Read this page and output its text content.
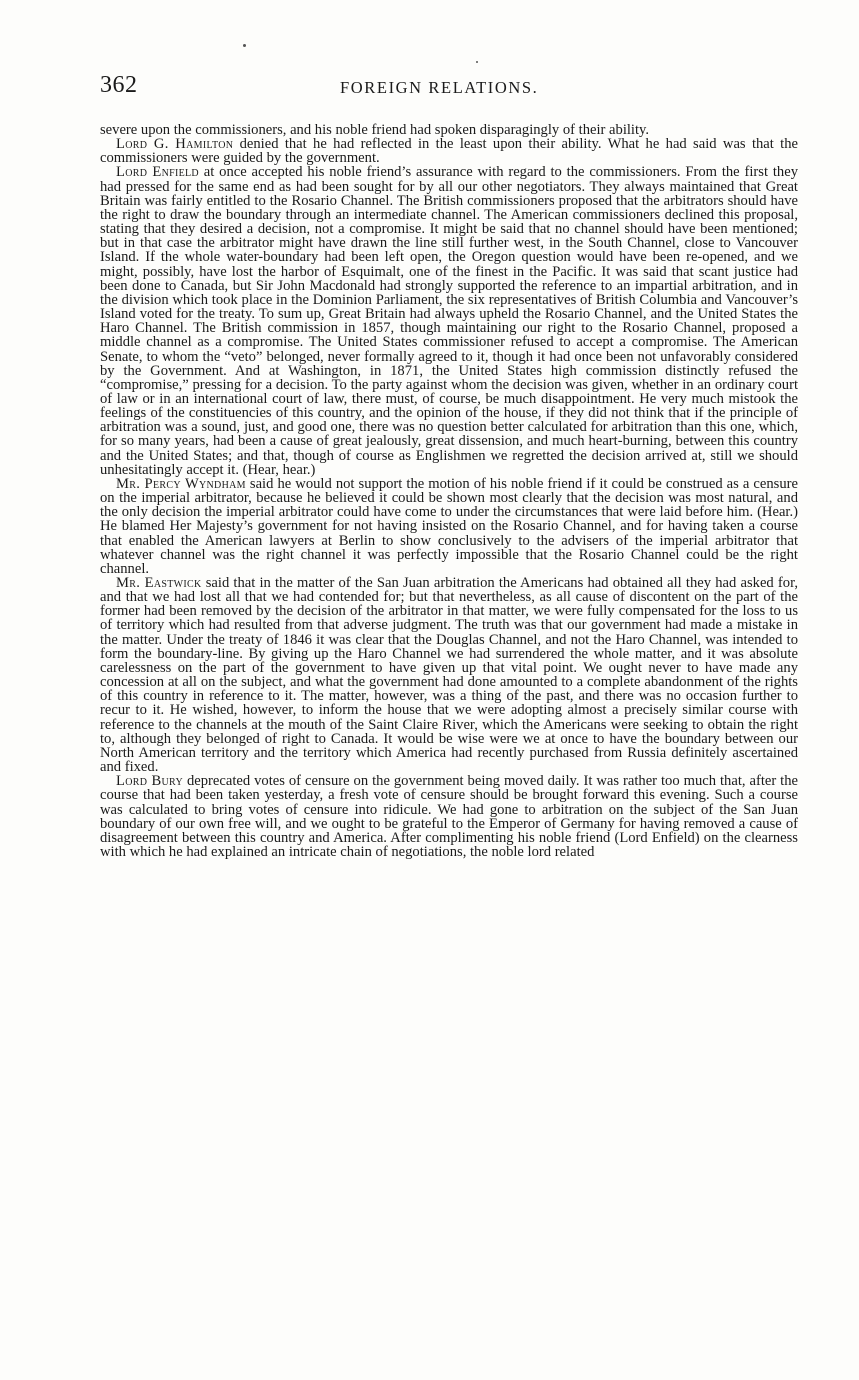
362	FOREIGN RELATIONS.

severe upon the commissioners, and his noble friend had spoken disparagingly of their ability.

Lord G. Hamilton denied that he had reflected in the least upon their ability. What he had said was that the commissioners were guided by the government.

Lord Enfield at once accepted his noble friend’s assurance with regard to the commissioners. From the first they had pressed for the same end as had been sought for by all our other negotiators. They always maintained that Great Britain was fairly entitled to the Rosario Channel. The British commissioners proposed that the arbitrators should have the right to draw the boundary through an intermediate channel. The American commissioners declined this proposal, stating that they desired a decision, not a compromise. It might be said that no channel should have been mentioned; but in that case the arbitrator might have drawn the line still further west, in the South Channel, close to Vancouver Island. If the whole water-boundary had been left open, the Oregon question would have been re-opened, and we might, possibly, have lost the harbor of Esquimalt, one of the finest in the Pacific. It was said that scant justice had been done to Canada, but Sir John Macdonald had strongly supported the reference to an impartial arbitration, and in the division which took place in the Dominion Parliament, the six representatives of British Columbia and Vancouver’s Island voted for the treaty. To sum up, Great Britain had always upheld the Rosario Channel, and the United States the Haro Channel. The British commission in 1857, though maintaining our right to the Rosario Channel, proposed a middle channel as a compromise. The United States commissioner refused to accept a compromise. The American Senate, to whom the “veto” belonged, never formally agreed to it, though it had once been not unfavorably considered by the Government. And at Washington, in 1871, the United States high commission distinctly refused the “compromise,” pressing for a decision. To the party against whom the decision was given, whether in an ordinary court of law or in an international court of law, there must, of course, be much disappointment. He very much mistook the feelings of the constituencies of this country, and the opinion of the house, if they did not think that if the principle of arbitration was a sound, just, and good one, there was no question better calculated for arbitration than this one, which, for so many years, had been a cause of great jealously, great dissension, and much heart-burning, between this country and the United States; and that, though of course as Englishmen we regretted the decision arrived at, still we should unhesitatingly accept it. (Hear, hear.)

Mr. Percy Wyndham said he would not support the motion of his noble friend if it could be construed as a censure on the imperial arbitrator, because he believed it could be shown most clearly that the decision was most natural, and the only decision the imperial arbitrator could have come to under the circumstances that were laid before him. (Hear.) He blamed Her Majesty’s government for not having insisted on the Rosario Channel, and for having taken a course that enabled the American lawyers at Berlin to show conclusively to the advisers of the imperial arbitrator that whatever channel was the right channel it was perfectly impossible that the Rosario Channel could be the right channel.

Mr. Eastwick said that in the matter of the San Juan arbitration the Americans had obtained all they had asked for, and that we had lost all that we had contended for; but that nevertheless, as all cause of discontent on the part of the former had been removed by the decision of the arbitrator in that matter, we were fully compensated for the loss to us of territory which had resulted from that adverse judgment. The truth was that our government had made a mistake in the matter. Under the treaty of 1846 it was clear that the Douglas Channel, and not the Haro Channel, was intended to form the boundary-line. By giving up the Haro Channel we had surrendered the whole matter, and it was absolute carelessness on the part of the government to have given up that vital point. We ought never to have made any concession at all on the subject, and what the government had done amounted to a complete abandonment of the rights of this country in reference to it. The matter, however, was a thing of the past, and there was no occasion further to recur to it. He wished, however, to inform the house that we were adopting almost a precisely similar course with reference to the channels at the mouth of the Saint Claire River, which the Americans were seeking to obtain the right to, although they belonged of right to Canada. It would be wise were we at once to have the boundary between our North American territory and the territory which America had recently purchased from Russia definitely ascertained and fixed.

Lord Bury deprecated votes of censure on the government being moved daily. It was rather too much that, after the course that had been taken yesterday, a fresh vote of censure should be brought forward this evening. Such a course was calculated to bring votes of censure into ridicule. We had gone to arbitration on the subject of the San Juan boundary of our own free will, and we ought to be grateful to the Emperor of Germany for having removed a cause of disagreement between this country and America. After complimenting his noble friend (Lord Enfield) on the clearness with which he had explained an intricate chain of negotiations, the noble lord related
